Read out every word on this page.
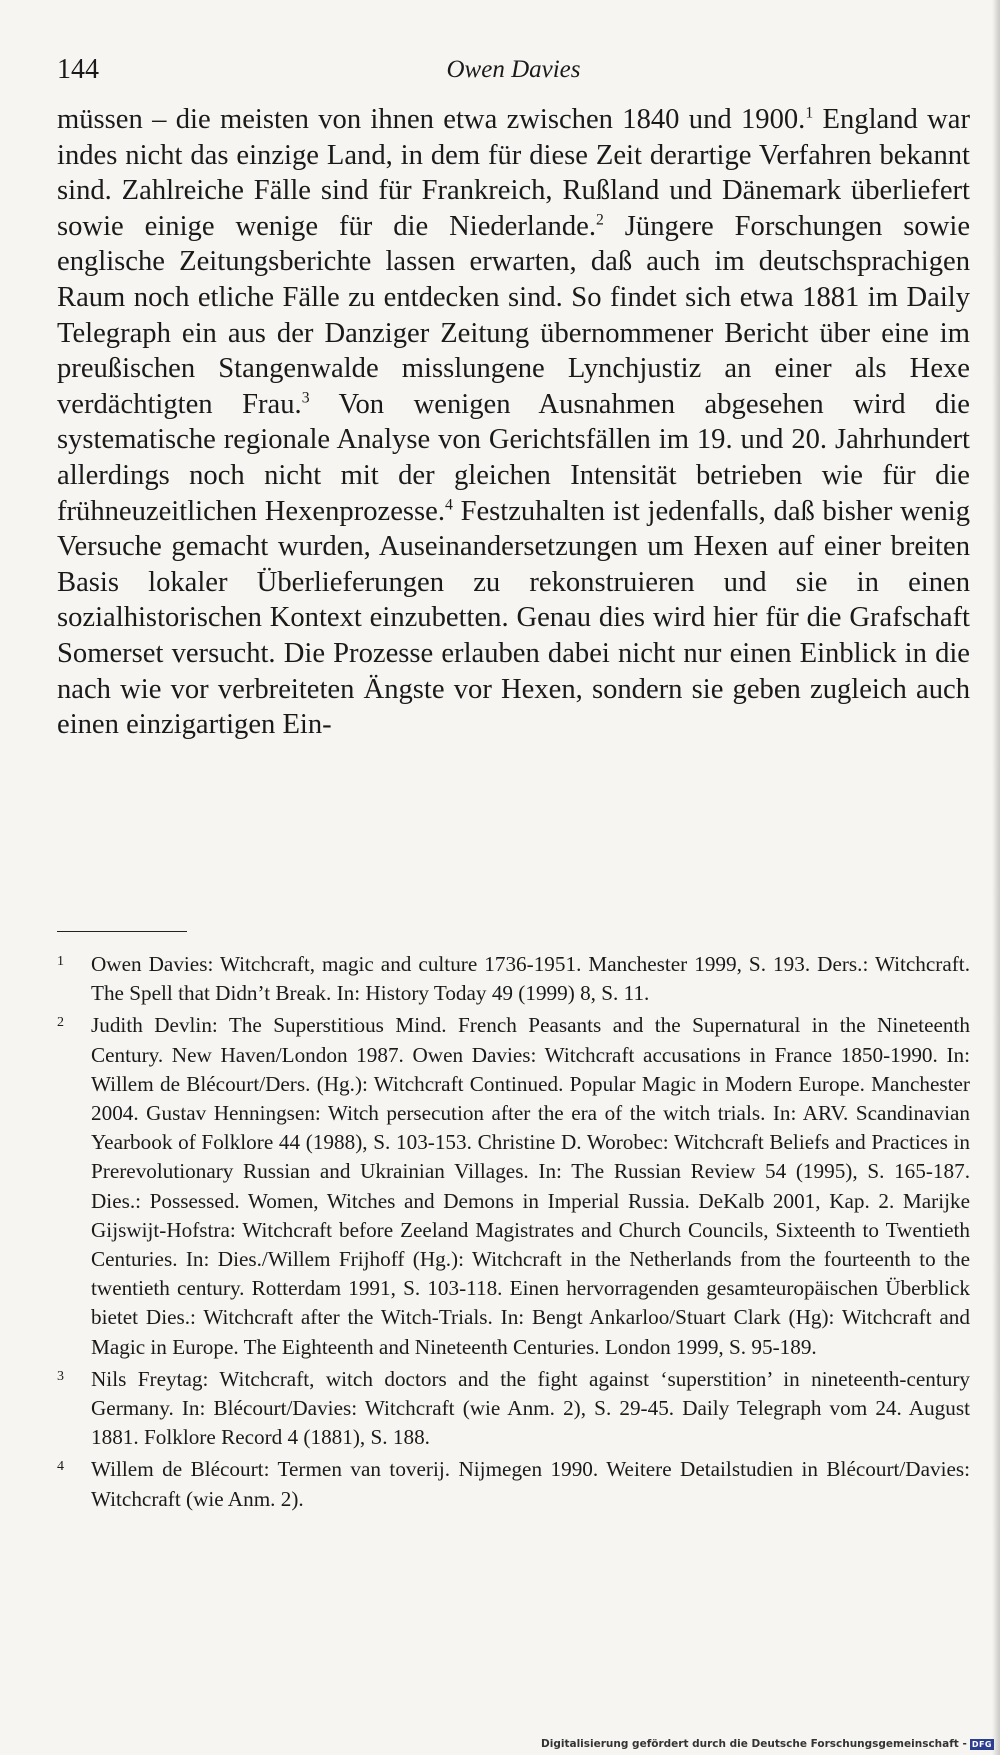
144	Owen Davies

müssen – die meisten von ihnen etwa zwischen 1840 und 1900.$^1$ England war indes nicht das einzige Land, in dem für diese Zeit derartige Verfahren bekannt sind. Zahlreiche Fälle sind für Frankreich, Rußland und Dänemark überliefert sowie einige wenige für die Niederlande.$^2$ Jüngere Forschungen sowie englische Zeitungsberichte lassen erwarten, daß auch im deutschsprachigen Raum noch etliche Fälle zu entdecken sind. So findet sich etwa 1881 im Daily Telegraph ein aus der Danziger Zeitung übernommener Bericht über eine im preußischen Stangenwalde misslungene Lynchjustiz an einer als Hexe verdächtigten Frau.$^3$ Von wenigen Ausnahmen abgesehen wird die systematische regionale Analyse von Gerichtsfällen im 19. und 20. Jahrhundert allerdings noch nicht mit der gleichen Intensität betrieben wie für die frühneuzeitlichen Hexenprozesse.$^4$ Festzuhalten ist jedenfalls, daß bisher wenig Versuche gemacht wurden, Auseinandersetzungen um Hexen auf einer breiten Basis lokaler Überlieferungen zu rekonstruieren und sie in einen sozialhistorischen Kontext einzubetten. Genau dies wird hier für die Grafschaft Somerset versucht. Die Prozesse erlauben dabei nicht nur einen Einblick in die nach wie vor verbreiteten Ängste vor Hexen, sondern sie geben zugleich auch einen einzigartigen Ein-

1 Owen Davies: Witchcraft, magic and culture 1736-1951. Manchester 1999, S. 193. Ders.: Witchcraft. The Spell that Didn’t Break. In: History Today 49 (1999) 8, S. 11.
2 Judith Devlin: The Superstitious Mind. French Peasants and the Supernatural in the Nineteenth Century. New Haven/London 1987. Owen Davies: Witchcraft accusations in France 1850-1990. In: Willem de Blécourt/Ders. (Hg.): Witchcraft Continued. Popular Magic in Modern Europe. Manchester 2004. Gustav Henningsen: Witch persecution after the era of the witch trials. In: ARV. Scandinavian Yearbook of Folklore 44 (1988), S. 103-153. Christine D. Worobec: Witchcraft Beliefs and Practices in Prerevolutionary Russian and Ukrainian Villages. In: The Russian Review 54 (1995), S. 165-187. Dies.: Possessed. Women, Witches and Demons in Imperial Russia. DeKalb 2001, Kap. 2. Marijke Gijswijt-Hofstra: Witchcraft before Zeeland Magistrates and Church Councils, Sixteenth to Twentieth Centuries. In: Dies./Willem Frijhoff (Hg.): Witchcraft in the Netherlands from the fourteenth to the twentieth century. Rotterdam 1991, S. 103-118. Einen hervorragenden gesamteuropäischen Überblick bietet Dies.: Witchcraft after the Witch-Trials. In: Bengt Ankarloo/Stuart Clark (Hg): Witchcraft and Magic in Europe. The Eighteenth and Nineteenth Centuries. London 1999, S. 95-189.
3 Nils Freytag: Witchcraft, witch doctors and the fight against ‘superstition’ in nineteenth-century Germany. In: Blécourt/Davies: Witchcraft (wie Anm. 2), S. 29-45. Daily Telegraph vom 24. August 1881. Folklore Record 4 (1881), S. 188.
4 Willem de Blécourt: Termen van toverij. Nijmegen 1990. Weitere Detailstudien in Blécourt/Davies: Witchcraft (wie Anm. 2).
Digitalisierung gefördert durch die Deutsche Forschungsgemeinschaft - DFG
